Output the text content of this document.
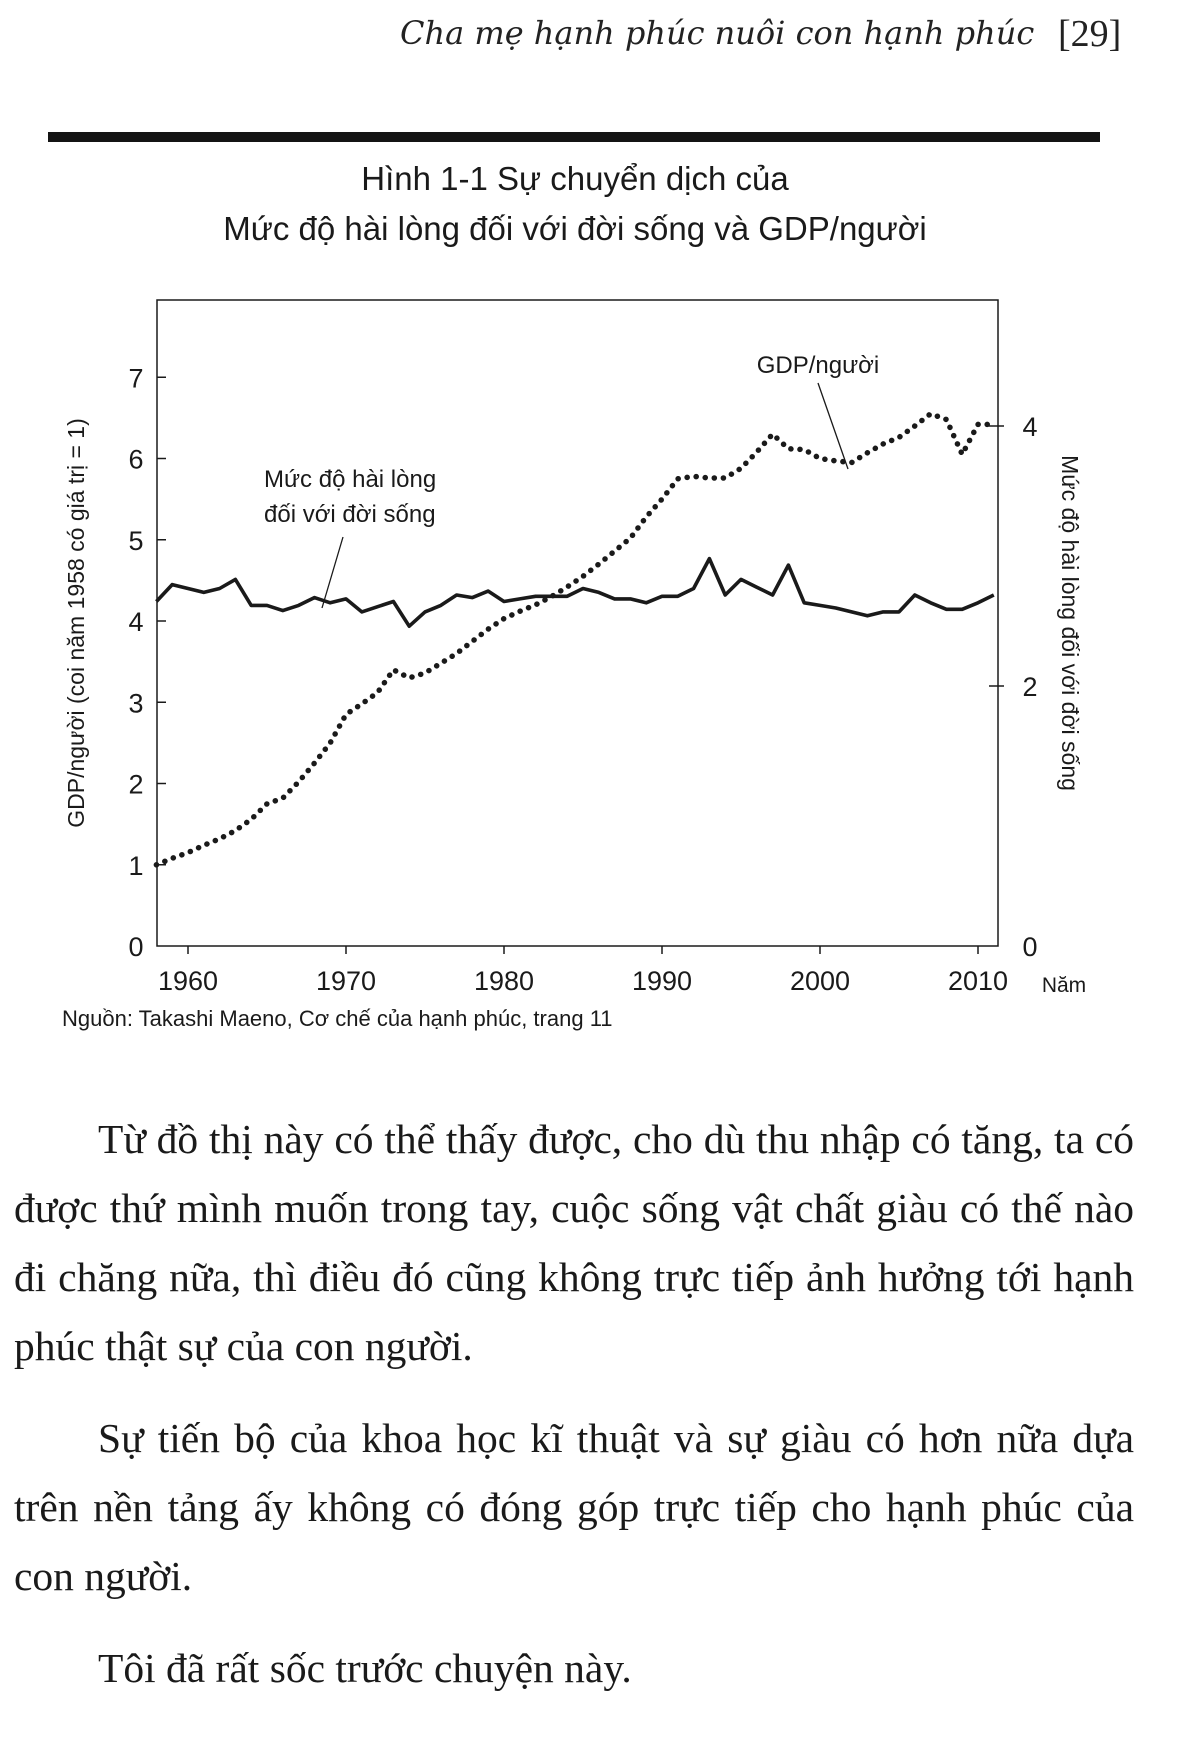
Cha mẹ hạnh phúc nuôi con hạnh phúc [29]
Hình 1-1 Sự chuyển dịch của
Mức độ hài lòng đối với đời sống và GDP/người
0
1
2
3
4
5
6
7
0
2
4
1960	1970	1980	1990	2000	2010
GDP/người
Mức độ hài lòng
đối với đời sống
Năm
GDP/người (coi năm 1958 có giá trị = 1)	Mức độ hài lòng đối với đời sống
Nguồn: Takashi Maeno, Cơ chế của hạnh phúc, trang 11

Từ đồ thị này có thể thấy được, cho dù thu nhập có tăng, ta có được thứ mình muốn trong tay, cuộc sống vật chất giàu có thế nào đi chăng nữa, thì điều đó cũng không trực tiếp ảnh hưởng tới hạnh phúc thật sự của con người.

Sự tiến bộ của khoa học kĩ thuật và sự giàu có hơn nữa dựa trên nền tảng ấy không có đóng góp trực tiếp cho hạnh phúc của con người.

Tôi đã rất sốc trước chuyện này.
